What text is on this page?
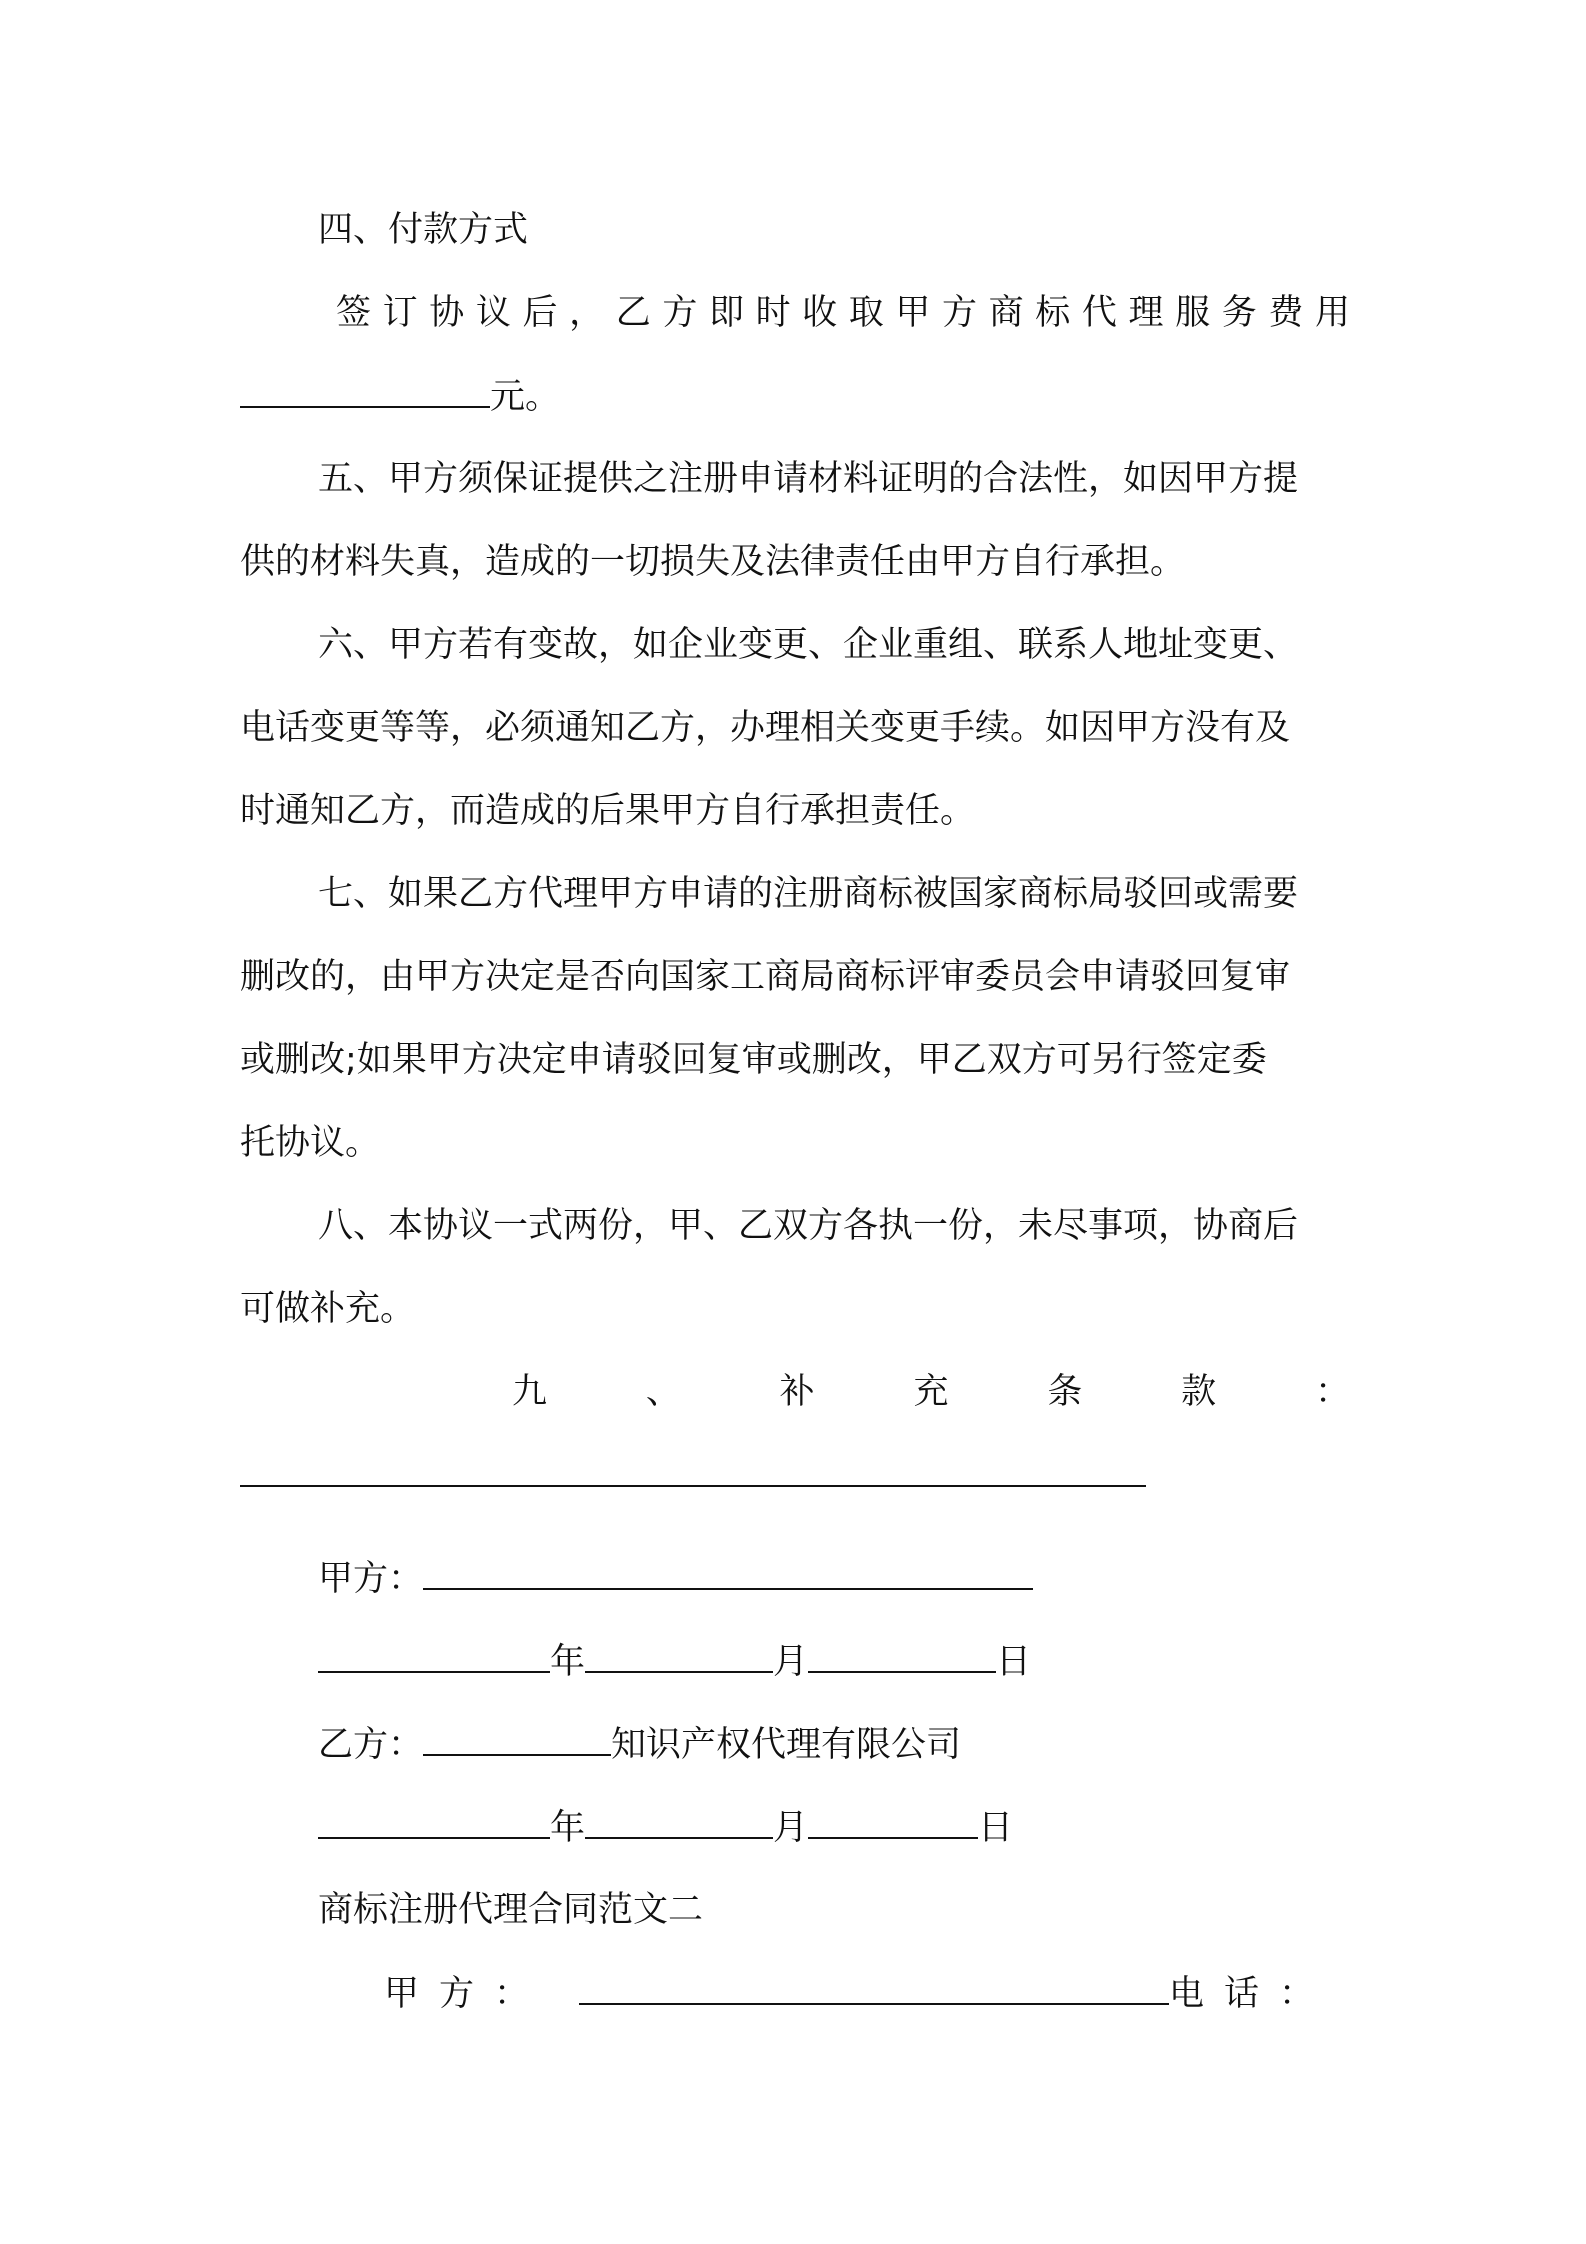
四、付款方式
签订协议后，乙方即时收取甲方商标代理服务费用
元。
五、甲方须保证提供之注册申请材料证明的合法性，如因甲方提
供的材料失真，造成的一切损失及法律责任由甲方自行承担。
六、甲方若有变故，如企业变更、企业重组、联系人地址变更、
电话变更等等，必须通知乙方，办理相关变更手续。如因甲方没有及
时通知乙方，而造成的后果甲方自行承担责任。
七、如果乙方代理甲方申请的注册商标被国家商标局驳回或需要
删改的，由甲方决定是否向国家工商局商标评审委员会申请驳回复审
或删改;如果甲方决定申请驳回复审或删改，甲乙双方可另行签定委
托协议。
八、本协议一式两份，甲、乙双方各执一份，未尽事项，协商后
可做补充。
九、补充条款：
甲方：
年	月	日
乙方：	知识产权代理有限公司
年	月	日
商标注册代理合同范文二
甲方：	电话：
